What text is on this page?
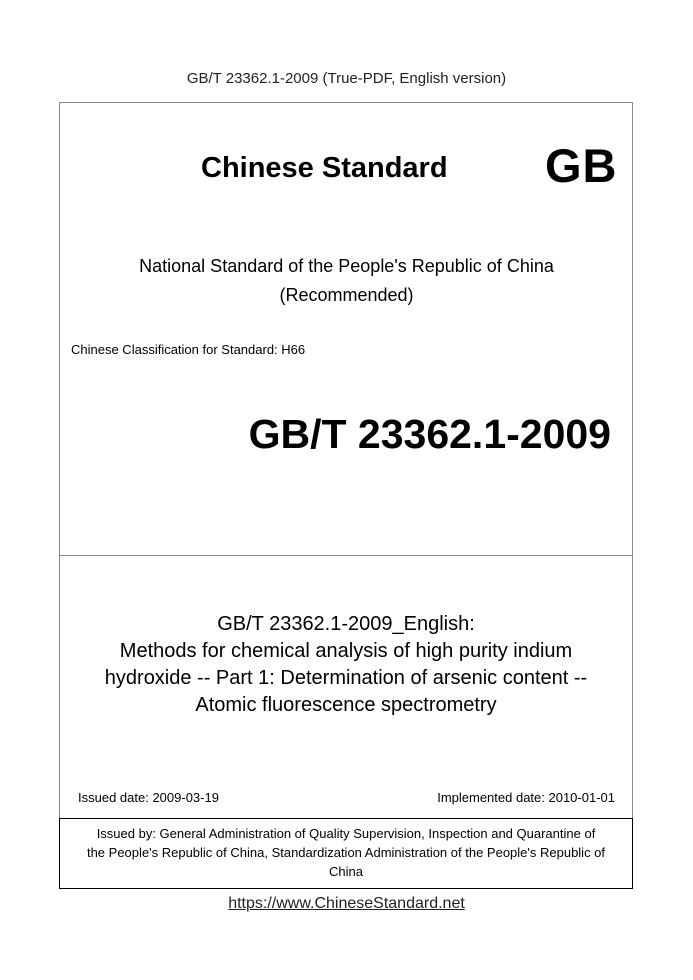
GB/T 23362.1-2009 (True-PDF, English version)
Chinese Standard GB
National Standard of the People's Republic of China
(Recommended)
Chinese Classification for Standard: H66
GB/T 23362.1-2009
GB/T 23362.1-2009_English:
Methods for chemical analysis of high purity indium
hydroxide -- Part 1: Determination of arsenic content --
Atomic fluorescence spectrometry
Issued date: 2009-03-19	Implemented date: 2010-01-01
Issued by: General Administration of Quality Supervision, Inspection and Quarantine of
the People's Republic of China, Standardization Administration of the People's Republic of
China
https://www.ChineseStandard.net
